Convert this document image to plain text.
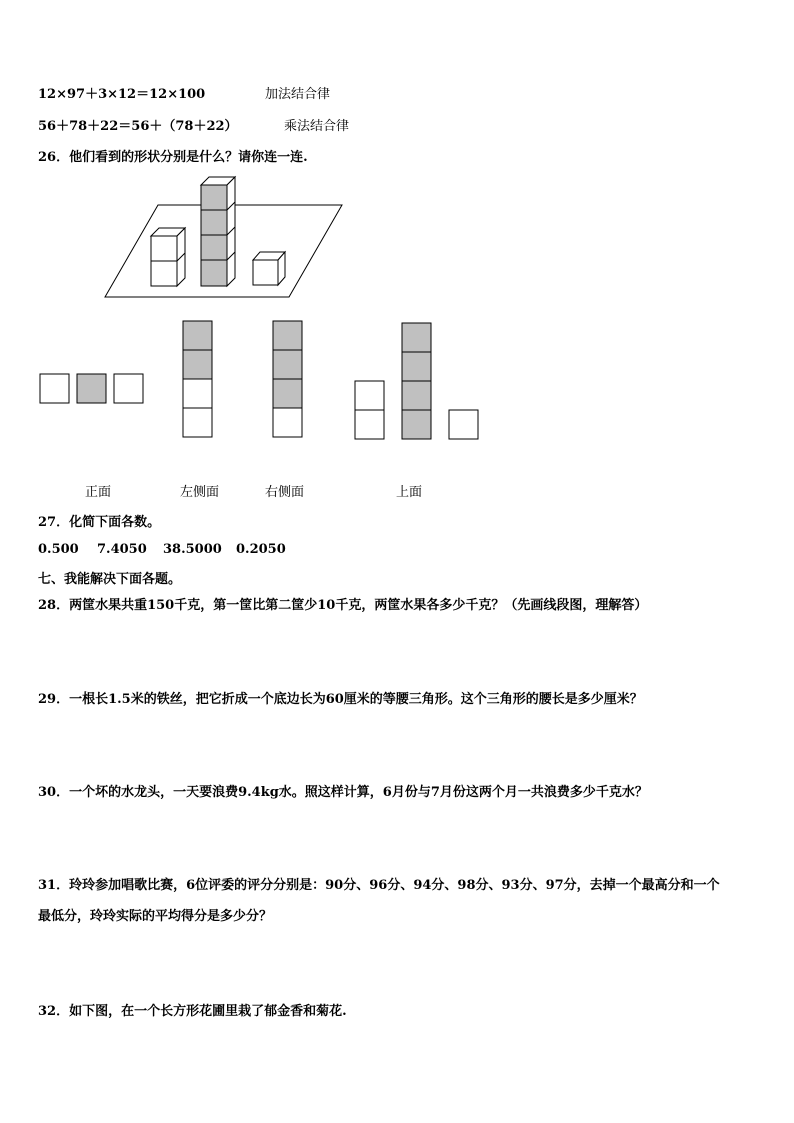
12×97＋3×12＝12×100	加法结合律
56＋78＋22＝56＋（78＋22）	乘法结合律
26．他们看到的形状分别是什么？请你连一连.
正面	左侧面	右侧面	上面
27．化简下面各数。
0.500 7.4050 38.5000 0.2050
七、我能解决下面各题。
28．两筐水果共重150千克，第一筐比第二筐少10千克，两筐水果各多少千克？（先画线段图，理解答）
29．一根长1.5米的铁丝，把它折成一个底边长为60厘米的等腰三角形。这个三角形的腰长是多少厘米？
30．一个坏的水龙头，一天要浪费9.4kg水。照这样计算，6月份与7月份这两个月一共浪费多少千克水？
31．玲玲参加唱歌比赛，6位评委的评分分别是：90分、96分、94分、98分、93分、97分，去掉一个最高分和一个
最低分，玲玲实际的平均得分是多少分？
32．如下图，在一个长方形花圃里栽了郁金香和菊花.
